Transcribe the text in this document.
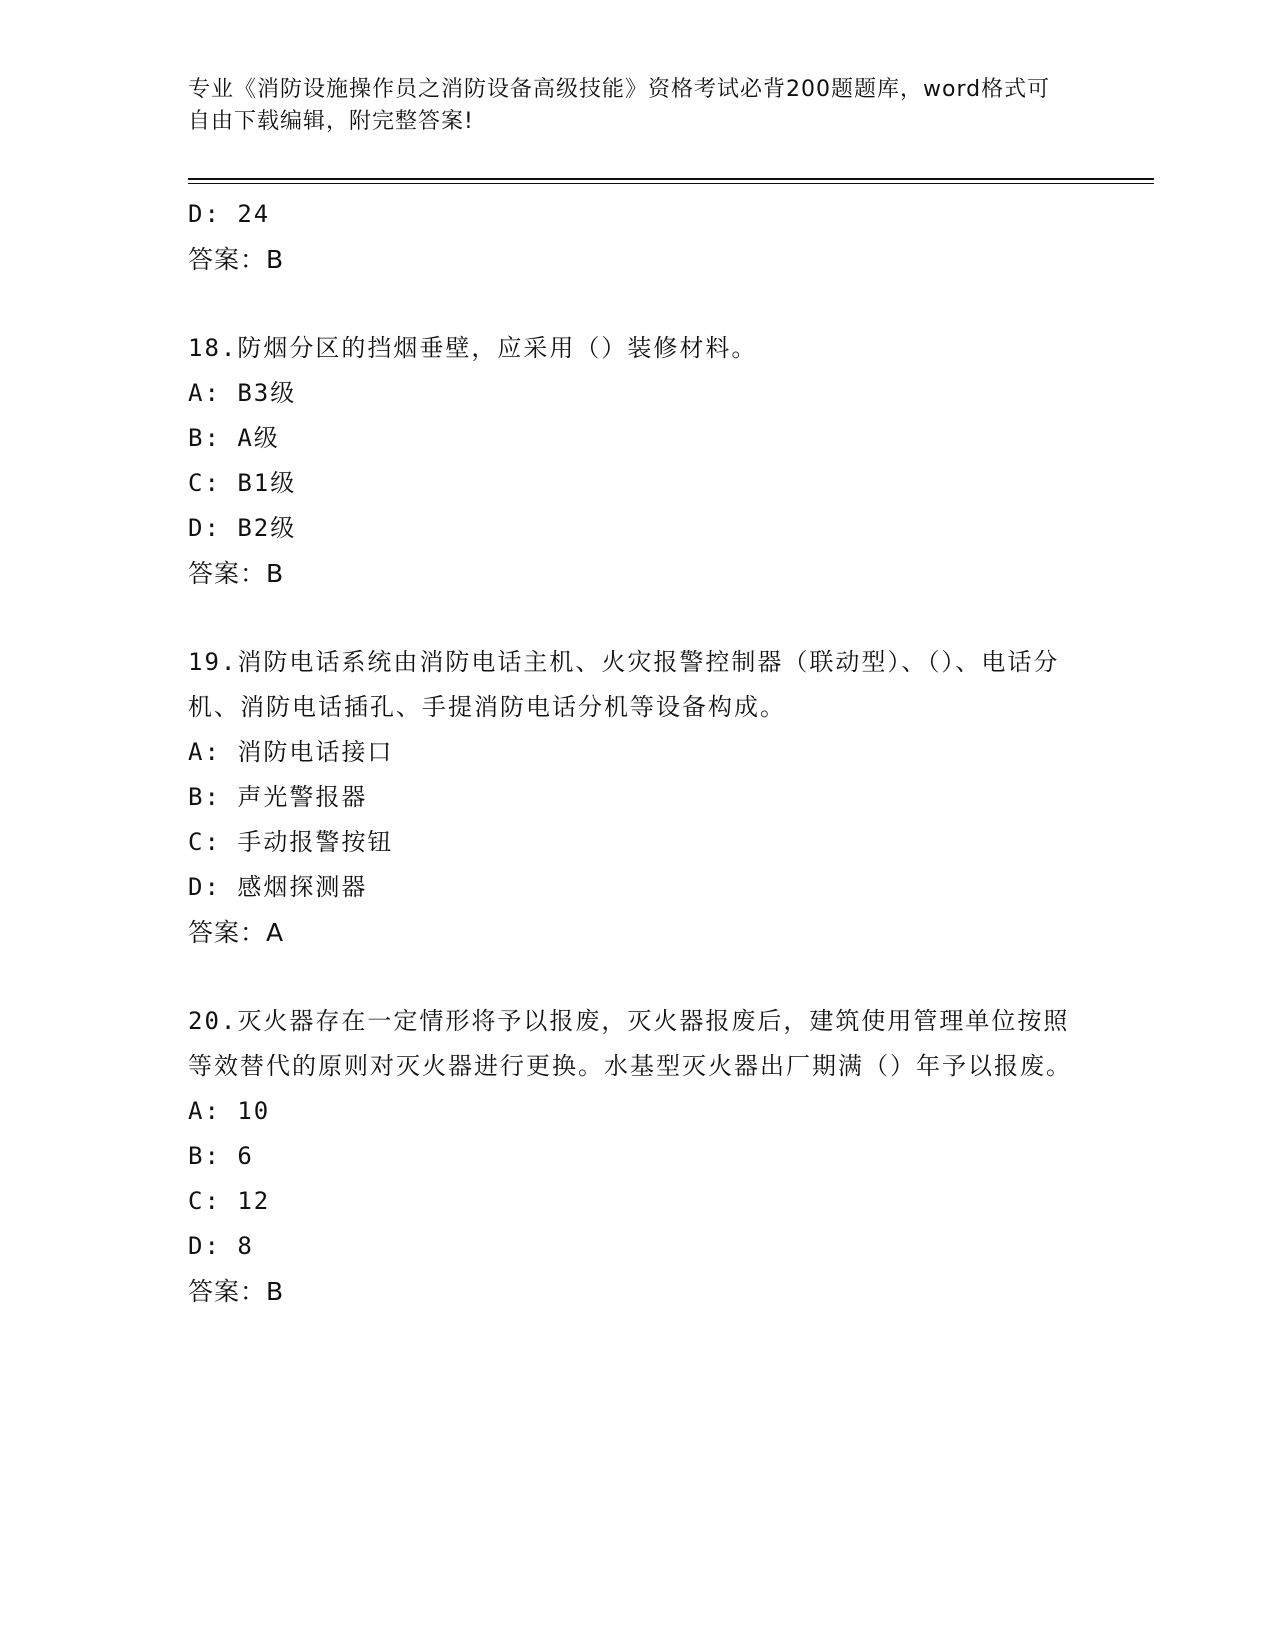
专业《消防设施操作员之消防设备高级技能》资格考试必背200题题库，word格式可自由下载编辑，附完整答案!
D: 24
答案：B
18.防烟分区的挡烟垂壁，应采用（）装修材料。
A: B3级
B: A级
C: B1级
D: B2级
答案：B
19.消防电话系统由消防电话主机、火灾报警控制器（联动型）、（）、电话分机、消防电话插孔、手提消防电话分机等设备构成。
A: 消防电话接口
B: 声光警报器
C: 手动报警按钮
D: 感烟探测器
答案：A
20.灭火器存在一定情形将予以报废，灭火器报废后，建筑使用管理单位按照等效替代的原则对灭火器进行更换。水基型灭火器出厂期满（）年予以报废。
A: 10
B: 6
C: 12
D: 8
答案：B
